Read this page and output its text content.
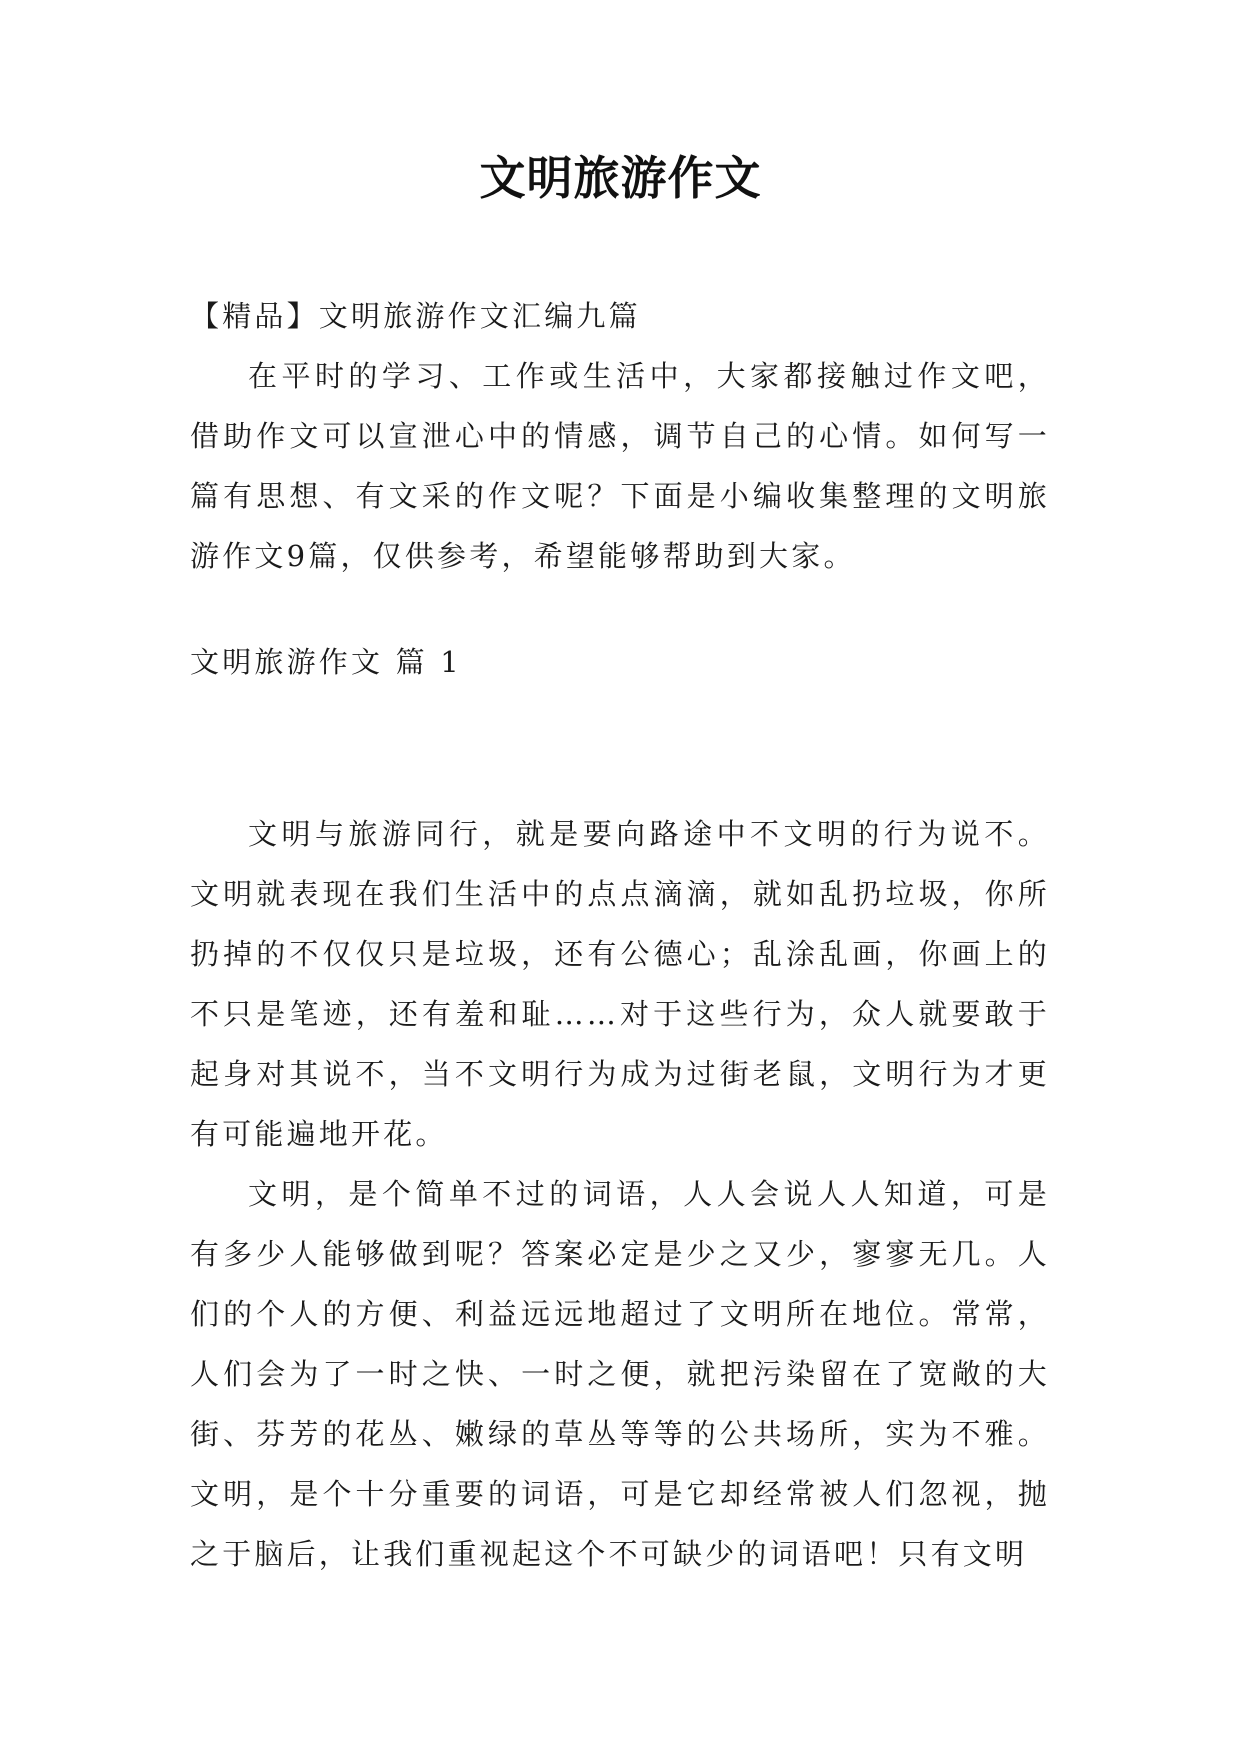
文明旅游作文

【精品】文明旅游作文汇编九篇

在平时的学习、工作或生活中，大家都接触过作文吧，借助作文可以宣泄心中的情感，调节自己的心情。如何写一篇有思想、有文采的作文呢？下面是小编收集整理的文明旅游作文9篇，仅供参考，希望能够帮助到大家。

文明旅游作文 篇 1

文明与旅游同行，就是要向路途中不文明的行为说不。文明就表现在我们生活中的点点滴滴，就如乱扔垃圾，你所扔掉的不仅仅只是垃圾，还有公德心；乱涂乱画，你画上的不只是笔迹，还有羞和耻……对于这些行为，众人就要敢于起身对其说不，当不文明行为成为过街老鼠，文明行为才更有可能遍地开花。

文明，是个简单不过的词语，人人会说人人知道，可是有多少人能够做到呢？答案必定是少之又少，寥寥无几。人们的个人的方便、利益远远地超过了文明所在地位。常常，人们会为了一时之快、一时之便，就把污染留在了宽敞的大街、芬芳的花丛、嫩绿的草丛等等的公共场所，实为不雅。文明，是个十分重要的词语，可是它却经常被人们忽视，抛之于脑后，让我们重视起这个不可缺少的词语吧！只有文明
